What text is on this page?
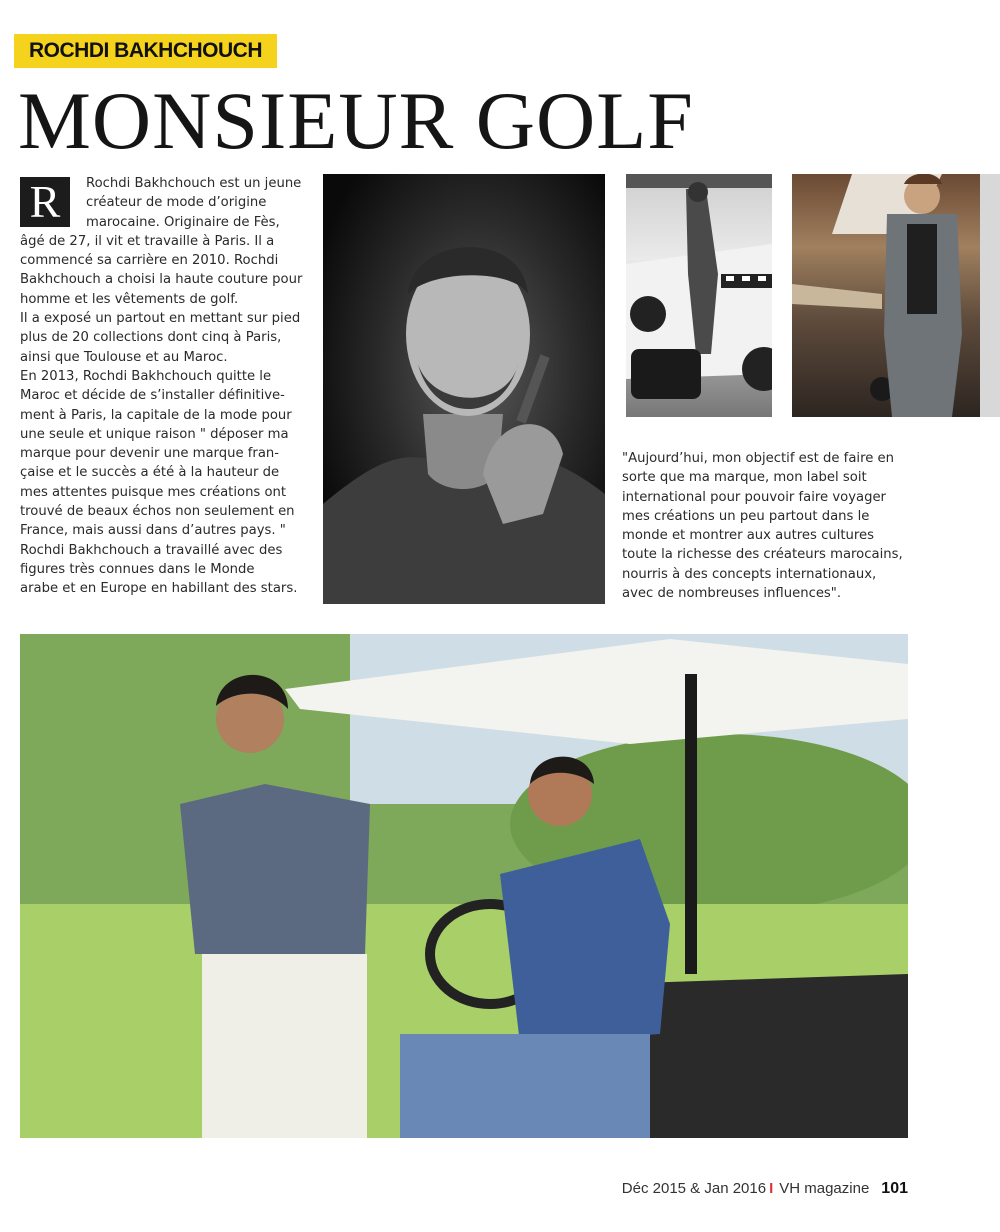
ROCHDI BAKHCHOUCH
MONSIEUR GOLF
R	Rochdi Bakhchouch est un jeune
créateur de mode d’origine
marocaine. Originaire de Fès,
âgé de 27, il vit et travaille à Paris. Il a
commencé sa carrière en 2010. Rochdi
Bakhchouch a choisi la haute couture pour
homme et les vêtements de golf.
Il a exposé un partout en mettant sur pied
plus de 20 collections dont cinq à Paris,
ainsi que Toulouse et au Maroc.
En 2013, Rochdi Bakhchouch quitte le
Maroc et décide de s’installer définitive-
ment à Paris, la capitale de la mode pour
une seule et unique raison " déposer ma
marque pour devenir une marque fran-
çaise et le succès a été à la hauteur de
mes attentes puisque mes créations ont
trouvé de beaux échos non seulement en
France, mais aussi dans d’autres pays. "
Rochdi Bakhchouch a travaillé avec des
figures très connues dans le Monde
arabe et en Europe en habillant des stars.
"Aujourd’hui, mon objectif est de faire en
sorte que ma marque, mon label soit
international pour pouvoir faire voyager
mes créations un peu partout dans le
monde et montrer aux autres cultures
toute la richesse des créateurs marocains,
nourris à des concepts internationaux,
avec de nombreuses influences".
Déc 2015 & Jan 2016 I VH magazine 101
